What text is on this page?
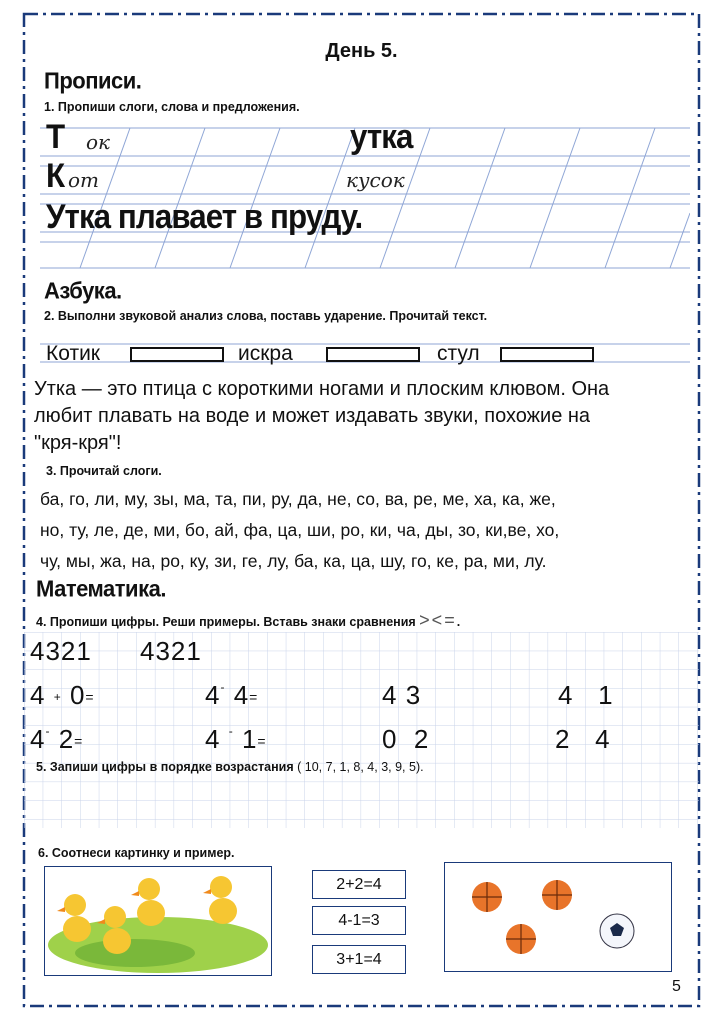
День 5.
Прописи.
1. Пропиши слоги, слова и предложения.
Т ок	утка
К от	кусок
Утка плавает в пруду.
Азбука.
2. Выполни звуковой анализ слова, поставь ударение. Прочитай текст.
Котик	искра	стул
Утка — это птица с короткими ногами и плоским клювом. Она
любит плавать на воде и может издавать звуки, похожие на
"кря-кря"!
3. Прочитай слоги.
ба, го, ли, му, зы, ма, та, пи, ру, да, не, со, ва, ре, ме, ха, ка, же,
но, ту, ле, де, ми, бо, ай, фа, ца, ши, ро, ки, ча, ды, зо, ки,ве, хо,
чу, мы, жа, на, ро, ку, зи, ге, лу, ба, ка, ца, шу, го, ке, ра, ми, лу.
Математика.
4. Пропиши цифры. Реши примеры. Вставь знаки сравнения ><=.
4321 4321
4 + 0=	4- 4=	4 3	4 1
4- 2=	4 - 1=	0 2	2 4
5. Запиши цифры в порядке возрастания ( 10, 7, 1, 8, 4, 3, 9, 5).
6. Соотнеси картинку и пример.
2+2=4
4-1=3
3+1=4
5
